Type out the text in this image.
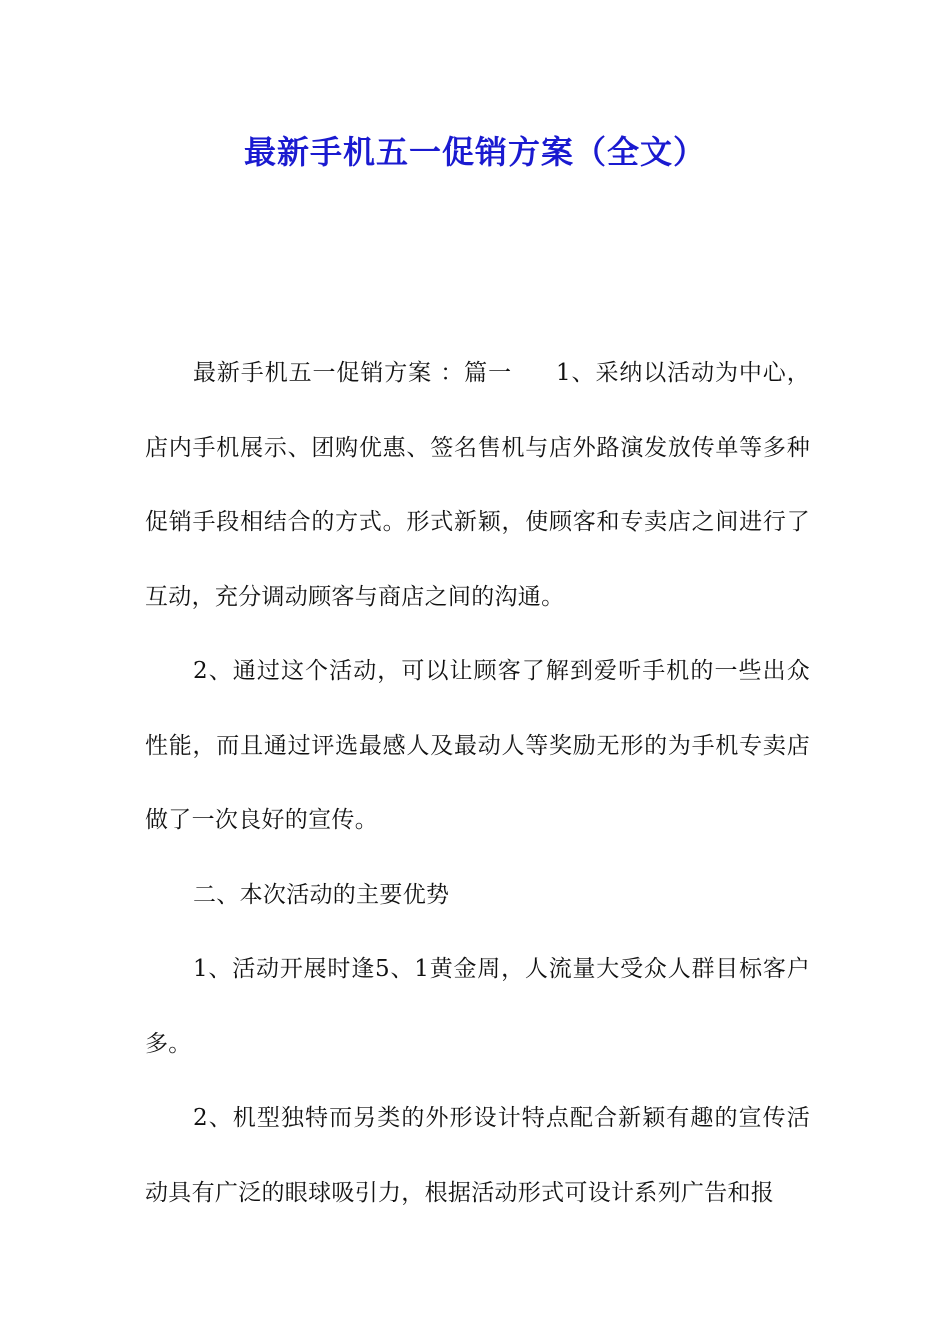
最新手机五一促销方案（全文）

最新手机五一促销方案 ：篇一 1、采纳以活动为中心，店内手机展示、团购优惠、签名售机与店外路演发放传单等多种促销手段相结合的方式。形式新颖，使顾客和专卖店之间进行了互动，充分调动顾客与商店之间的沟通。

2、通过这个活动，可以让顾客了解到爱听手机的一些出众性能，而且通过评选最感人及最动人等奖励无形的为手机专卖店做了一次良好的宣传。

二、本次活动的主要优势

1、活动开展时逢5、1黄金周，人流量大受众人群目标客户多。

2、机型独特而另类的外形设计特点配合新颖有趣的宣传活动具有广泛的眼球吸引力，根据活动形式可设计系列广告和报
